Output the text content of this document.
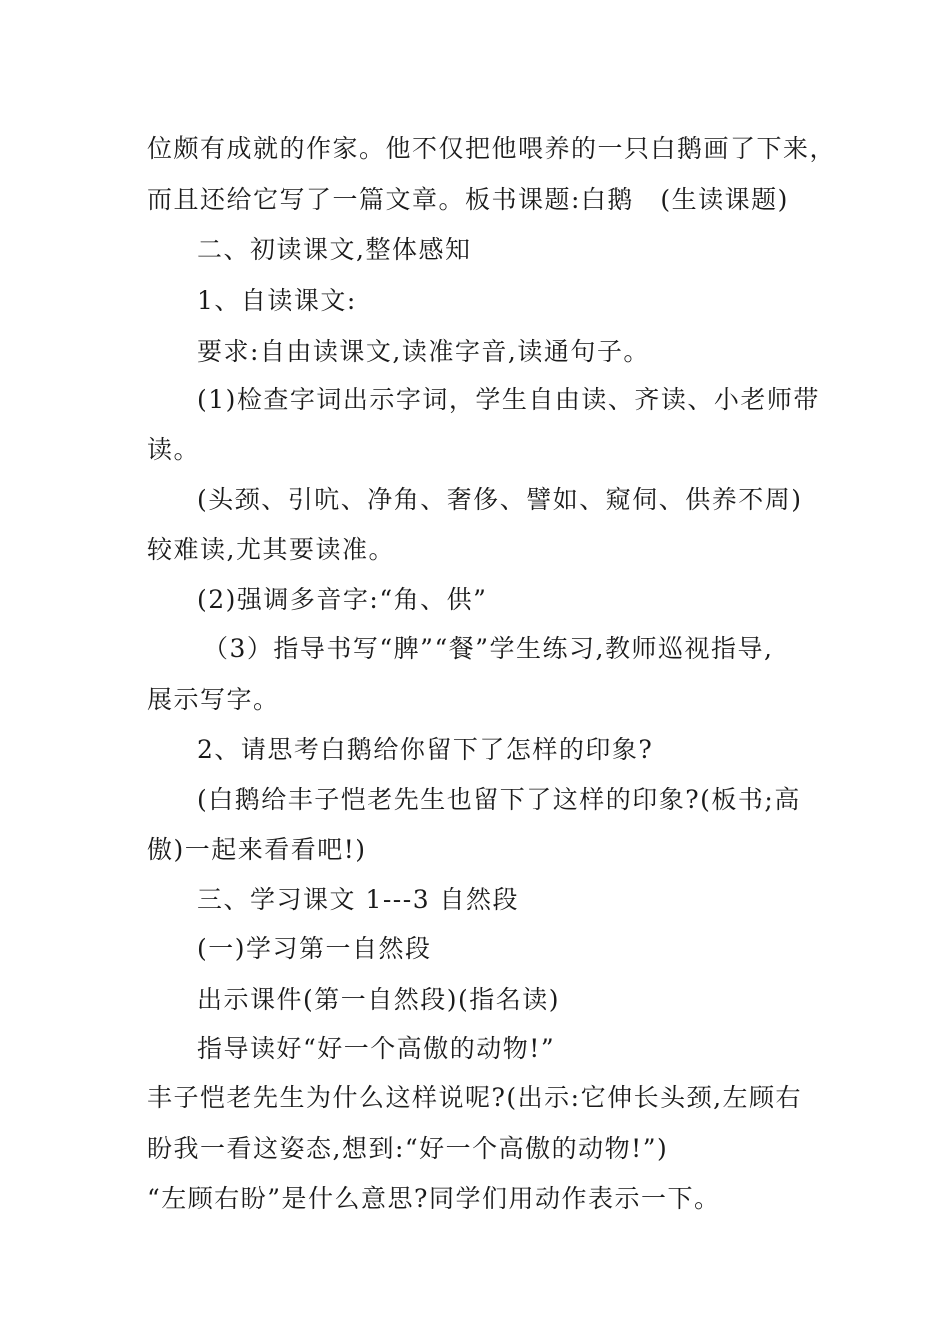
位颇有成就的作家。他不仅把他喂养的一只白鹅画了下来，
而且还给它写了一篇文章。板书课题:白鹅　(生读课题)
二、初读课文,整体感知
1、自读课文:
要求:自由读课文,读准字音,读通句子。
(1)检查字词出示字词，学生自由读、齐读、小老师带
读。
(头颈、引吭、净角、奢侈、譬如、窥伺、供养不周)
较难读,尤其要读准。
(2)强调多音字:“角、供”
（3）指导书写“脾”“餐”学生练习,教师巡视指导,
展示写字。
2、请思考白鹅给你留下了怎样的印象?
(白鹅给丰子恺老先生也留下了这样的印象?(板书;高
傲)一起来看看吧!)
三、学习课文 1---3 自然段
(一)学习第一自然段
出示课件(第一自然段)(指名读)
指导读好“好一个高傲的动物!”
丰子恺老先生为什么这样说呢?(出示:它伸长头颈,左顾右
盼我一看这姿态,想到:“好一个高傲的动物!”)
“左顾右盼”是什么意思?同学们用动作表示一下。
